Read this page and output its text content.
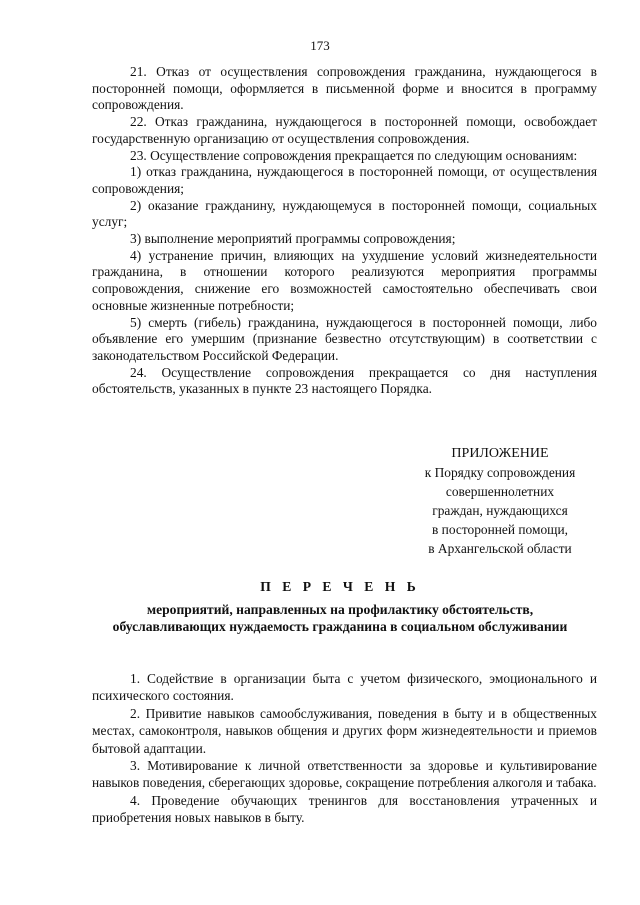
173

21. Отказ от осуществления сопровождения гражданина, нуждающегося в посторонней помощи, оформляется в письменной форме и вносится в программу сопровождения.

22. Отказ гражданина, нуждающегося в посторонней помощи, освобождает государственную организацию от осуществления сопровождения.

23. Осуществление сопровождения прекращается по следующим основаниям:

1) отказ гражданина, нуждающегося в посторонней помощи, от осуществления сопровождения;

2) оказание гражданину, нуждающемуся в посторонней помощи, социальных услуг;

3) выполнение мероприятий программы сопровождения;

4) устранение причин, влияющих на ухудшение условий жизнедеятельности гражданина, в отношении которого реализуются мероприятия программы сопровождения, снижение его возможностей самостоятельно обеспечивать свои основные жизненные потребности;

5) смерть (гибель) гражданина, нуждающегося в посторонней помощи, либо объявление его умершим (признание безвестно отсутствующим) в соответствии с законодательством Российской Федерации.

24. Осуществление сопровождения прекращается со дня наступления обстоятельств, указанных в пункте 23 настоящего Порядка.

ПРИЛОЖЕНИЕ
к Порядку сопровождения
совершеннолетних
граждан, нуждающихся
в посторонней помощи,
в Архангельской области
П Е Р Е Ч Е Н Ь
мероприятий, направленных на профилактику обстоятельств,
обуславливающих нуждаемость гражданина в социальном обслуживании

1. Содействие в организации быта с учетом физического, эмоционального и психического состояния.

2. Привитие навыков самообслуживания, поведения в быту и в общественных местах, самоконтроля, навыков общения и других форм жизнедеятельности и приемов бытовой адаптации.

3. Мотивирование к личной ответственности за здоровье и культивирование навыков поведения, сберегающих здоровье, сокращение потребления алкоголя и табака.

4. Проведение обучающих тренингов для восстановления утраченных и приобретения новых навыков в быту.
